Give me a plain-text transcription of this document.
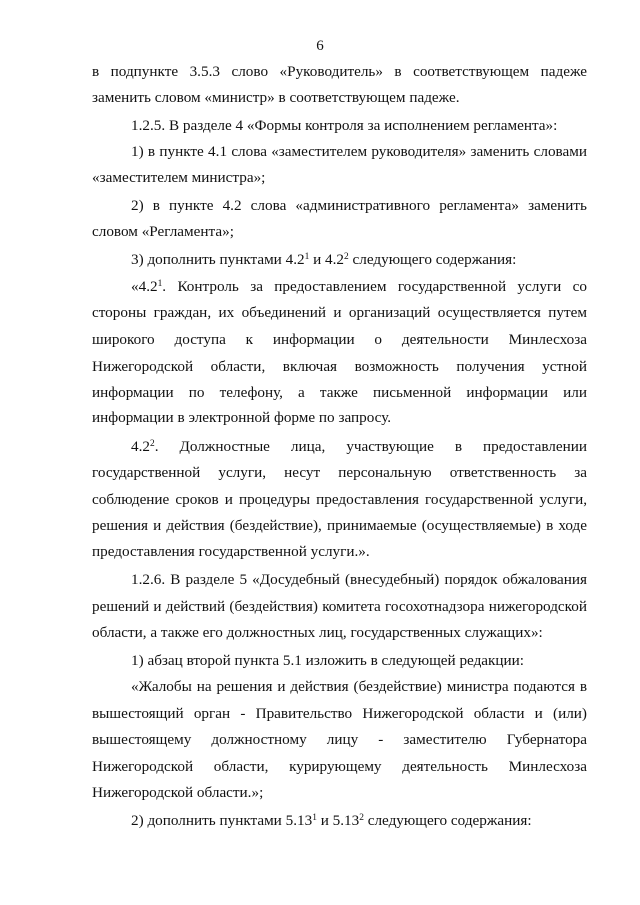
6
в подпункте 3.5.3 слово «Руководитель» в соответствующем падеже
заменить словом «министр» в соответствующем падеже.
1.2.5. В разделе 4 «Формы контроля за исполнением регламента»:
1) в пункте 4.1 слова «заместителем руководителя» заменить словами
«заместителем министра»;
2) в пункте 4.2 слова «административного регламента» заменить
словом «Регламента»;
3) дополнить пунктами $4.2^1$ и $4.2^2$ следующего содержания:
«$4.2^1$. Контроль за предоставлением государственной услуги со
стороны граждан, их объединений и организаций осуществляется путем
широкого доступа к информации о деятельности Минлесхоза
Нижегородской области, включая возможность получения устной
информации по телефону, а также письменной информации или
информации в электронной форме по запросу.
$4.2^2$. Должностные лица, участвующие в предоставлении
государственной услуги, несут персональную ответственность за
соблюдение сроков и процедуры предоставления государственной услуги,
решения и действия (бездействие), принимаемые (осуществляемые) в ходе
предоставления государственной услуги.».
1.2.6. В разделе 5 «Досудебный (внесудебный) порядок обжалования
решений и действий (бездействия) комитета госохотнадзора нижегородской
области, а также его должностных лиц, государственных служащих»:
1) абзац второй пункта 5.1 изложить в следующей редакции:
«Жалобы на решения и действия (бездействие) министра подаются в
вышестоящий орган - Правительство Нижегородской области и (или)
вышестоящему должностному лицу - заместителю Губернатора
Нижегородской области, курирующему деятельность Минлесхоза
Нижегородской области.»;
2) дополнить пунктами 5.13$^1$ и 5.13$^2$ следующего содержания:
